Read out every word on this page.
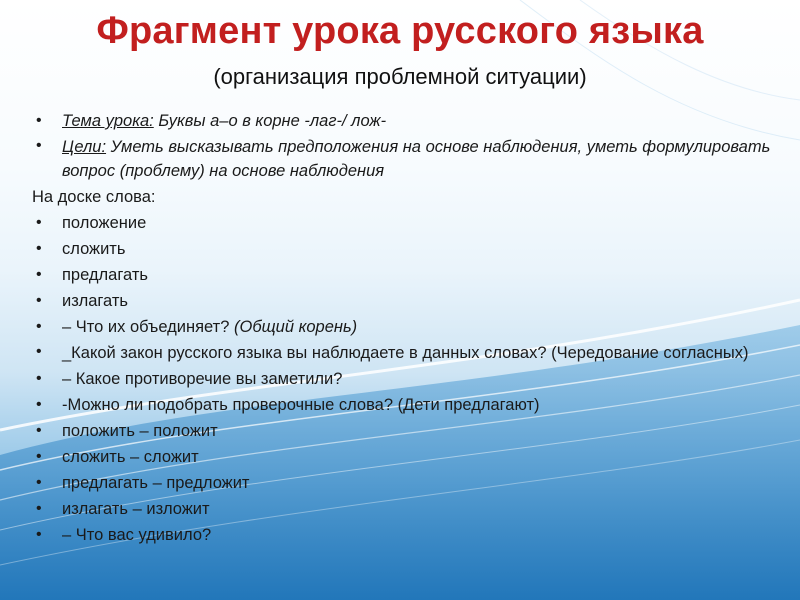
Фрагмент урока русского языка
(организация проблемной ситуации)
Тема урока: Буквы а–о в корне -лаг-/ лож-
Цели: Уметь высказывать предположения на основе наблюдения, уметь формулировать вопрос (проблему) на основе наблюдения
На доске слова:
положение
сложить
предлагать
излагать
– Что их объединяет? (Общий корень)
_Какой закон русского языка вы наблюдаете в данных словах? (Чередование согласных)
– Какое противоречие вы заметили?
-Можно ли подобрать проверочные слова? (Дети предлагают)
положить – положит
сложить – сложит
предлагать – предложит
излагать – изложит
– Что вас удивило?
